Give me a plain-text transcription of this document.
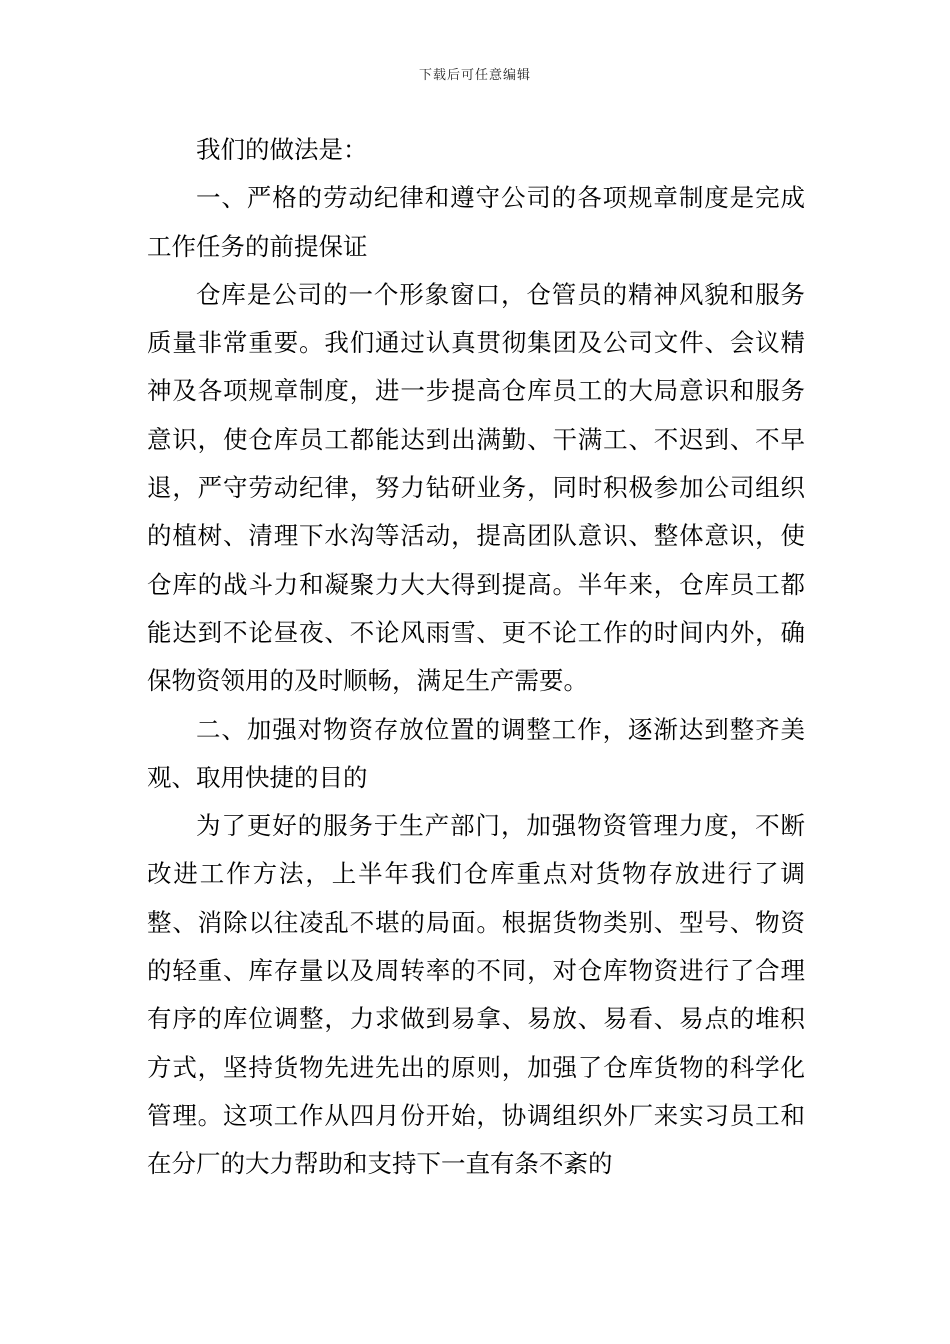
下载后可任意编辑

我们的做法是：

一、严格的劳动纪律和遵守公司的各项规章制度是完成工作任务的前提保证

仓库是公司的一个形象窗口，仓管员的精神风貌和服务质量非常重要。我们通过认真贯彻集团及公司文件、会议精神及各项规章制度，进一步提高仓库员工的大局意识和服务意识，使仓库员工都能达到出满勤、干满工、不迟到、不早退，严守劳动纪律，努力钻研业务，同时积极参加公司组织的植树、清理下水沟等活动，提高团队意识、整体意识，使仓库的战斗力和凝聚力大大得到提高。半年来，仓库员工都能达到不论昼夜、不论风雨雪、更不论工作的时间内外，确保物资领用的及时顺畅，满足生产需要。

二、加强对物资存放位置的调整工作，逐渐达到整齐美观、取用快捷的目的

为了更好的服务于生产部门，加强物资管理力度，不断改进工作方法，上半年我们仓库重点对货物存放进行了调整、消除以往凌乱不堪的局面。根据货物类别、型号、物资的轻重、库存量以及周转率的不同，对仓库物资进行了合理有序的库位调整，力求做到易拿、易放、易看、易点的堆积方式，坚持货物先进先出的原则，加强了仓库货物的科学化管理。这项工作从四月份开始，协调组织外厂来实习员工和在分厂的大力帮助和支持下一直有条不紊的
